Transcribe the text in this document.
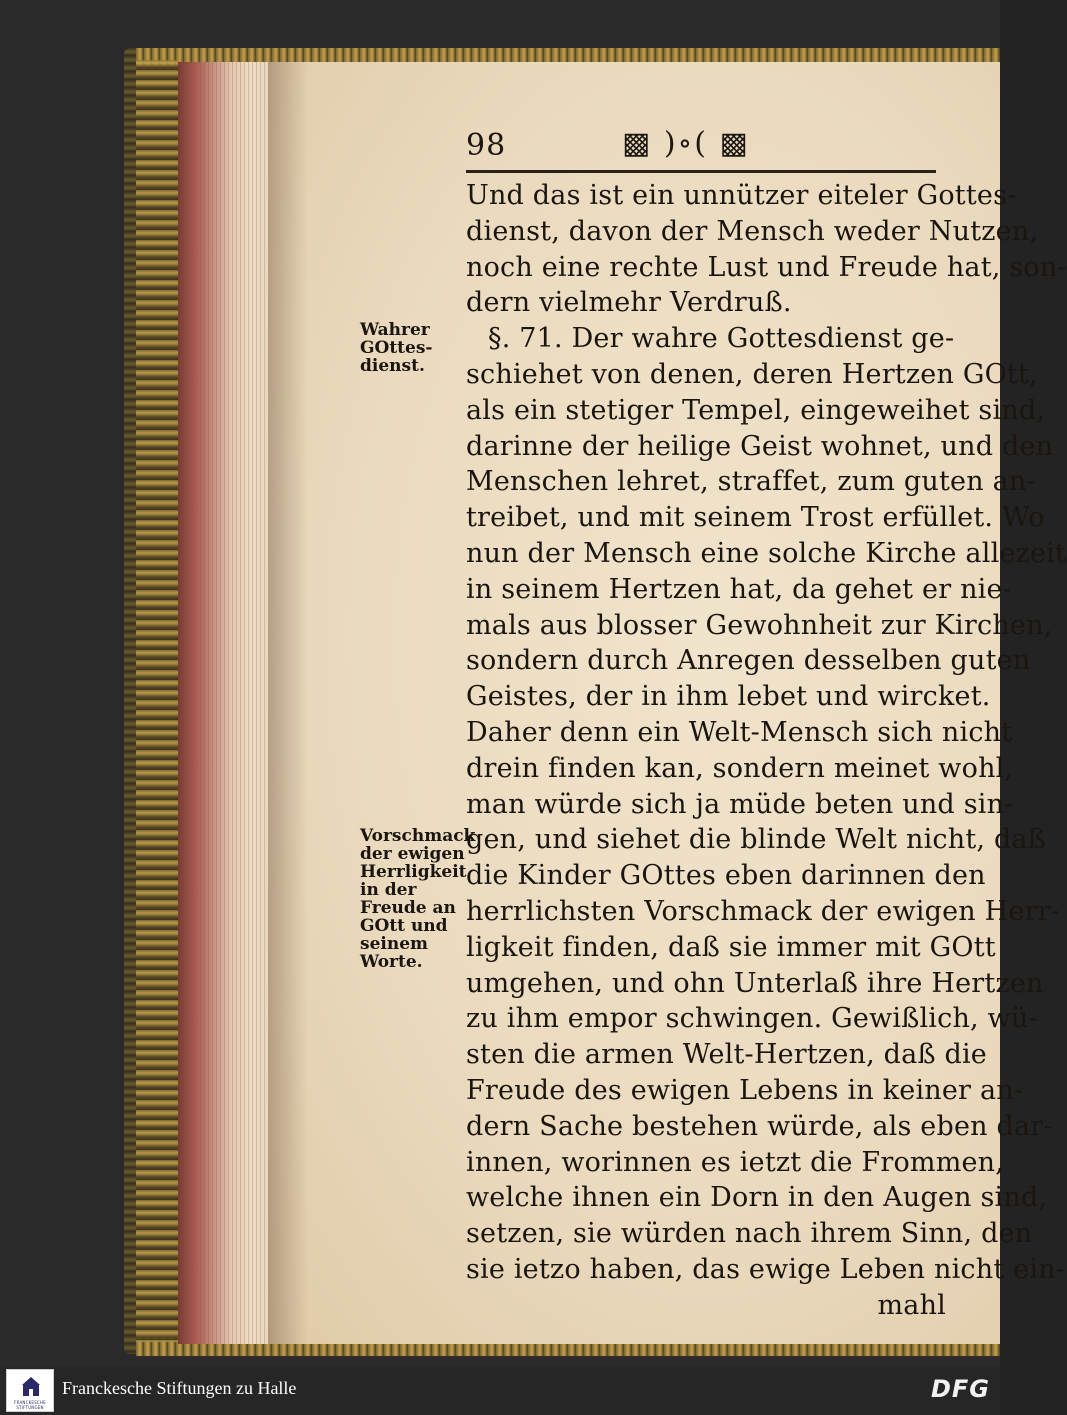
98	▩ )∘( ▩
Wahrer
GOttes-
dienst.
Vorschmack
der ewigen
Herrligkeit
in der
Freude an
GOtt und
seinem
Worte.
Und das ist ein unnützer eiteler Gottes-
dienst, davon der Mensch weder Nutzen,
noch eine rechte Lust und Freude hat, son-
dern vielmehr Verdruß.
§. 71. Der wahre Gottesdienst ge-
schiehet von denen, deren Hertzen GOtt,
als ein stetiger Tempel, eingeweihet sind,
darinne der heilige Geist wohnet, und den
Menschen lehret, straffet, zum guten an-
treibet, und mit seinem Trost erfüllet. Wo
nun der Mensch eine solche Kirche allezeit
in seinem Hertzen hat, da gehet er nie-
mals aus blosser Gewohnheit zur Kirchen,
sondern durch Anregen desselben guten
Geistes, der in ihm lebet und wircket.
Daher denn ein Welt-Mensch sich nicht
drein finden kan, sondern meinet wohl,
man würde sich ja müde beten und sin-
gen, und siehet die blinde Welt nicht, daß
die Kinder GOttes eben darinnen den
herrlichsten Vorschmack der ewigen Herr-
ligkeit finden, daß sie immer mit GOtt
umgehen, und ohn Unterlaß ihre Hertzen
zu ihm empor schwingen. Gewißlich, wü-
sten die armen Welt-Hertzen, daß die
Freude des ewigen Lebens in keiner an-
dern Sache bestehen würde, als eben dar-
innen, worinnen es ietzt die Frommen,
welche ihnen ein Dorn in den Augen sind,
setzen, sie würden nach ihrem Sinn, den
sie ietzo haben, das ewige Leben nicht ein-
mahl
FRANCKESCHE STIFTUNGEN
Franckesche Stiftungen zu Halle	DFG
